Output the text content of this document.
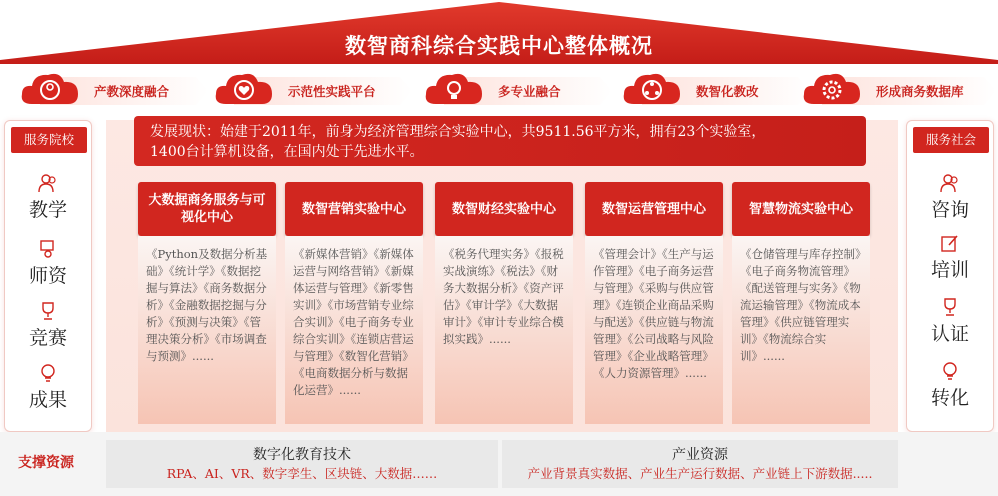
数智商科综合实践中心整体概况
产教深度融合	示范性实践平台	多专业融合	数智化教改	形成商务数据库
服务院校
教学
师资
竞赛
成果
服务社会
咨询
培训
认证
转化
发展现状：始建于2011年，前身为经济管理综合实验中心，共9511.56平方米，拥有23个实验室，
1400台计算机设备，在国内处于先进水平。
大数据商务服务与可视化中心
《Python及数据分析基础》《统计学》《数据挖掘与算法》《商务数据分析》《金融数据挖掘与分析》《预测与决策》《管理决策分析》《市场调查与预测》......
数智营销实验中心
《新媒体营销》《新媒体运营与网络营销》《新媒体运营与管理》《新零售实训》《市场营销专业综合实训》《电子商务专业综合实训》《连锁店营运与管理》《数智化营销》《电商数据分析与数据化运营》......
数智财经实验中心
《税务代理实务》《报税实战演练》《税法》《财务大数据分析》《资产评估》《审计学》《大数据审计》《审计专业综合模拟实践》......
数智运营管理中心
《管理会计》《生产与运作管理》《电子商务运营与管理》《采购与供应管理》《连锁企业商品采购与配送》《供应链与物流管理》《公司战略与风险管理》《企业战略管理》《人力资源管理》......
智慧物流实验中心
《仓储管理与库存控制》《电子商务物流管理》《配送管理与实务》《物流运输管理》《物流成本管理》《供应链管理实训》《物流综合实训》......
支撑资源	数字化教育技术
RPA、AI、VR、数字孪生、区块链、大数据……
产业资源
产业背景真实数据、产业生产运行数据、产业链上下游数据.....
